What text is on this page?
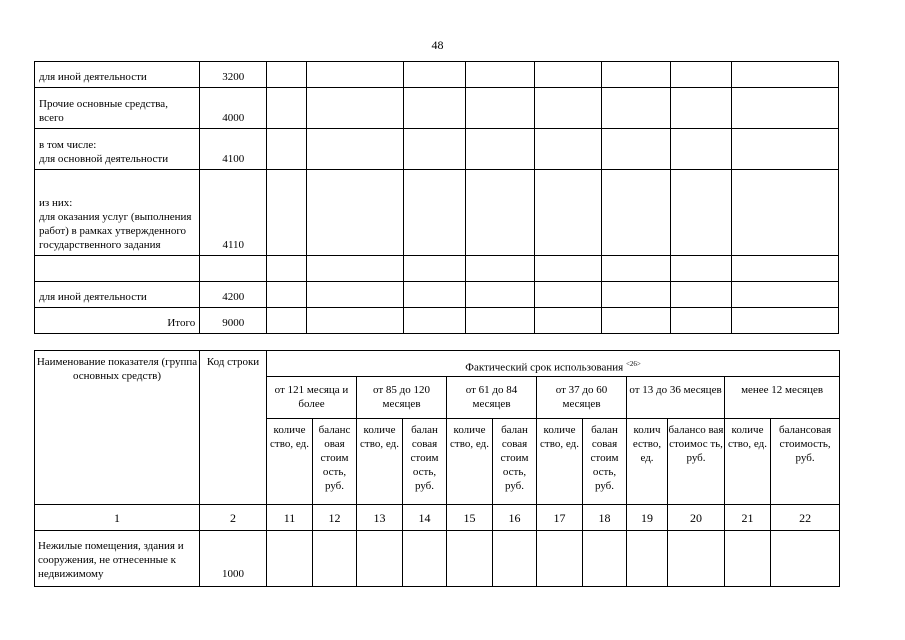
48
для иной деятельности	3200								
Прочие основные средства, всего	4000								
в том числе:
для основной деятельности	4100								
из них:
для оказания услуг (выполнения работ) в рамках утвержденного государственного задания	4110								

для иной деятельности	4200								
Итого	9000								
Наименование показателя (группа основных средств)	Код строки	Фактический срок использования $^{<26>}$
		от 121 месяца и более		от 85 до 120 месяцев		от 61 до 84 месяцев		от 37 до 60 месяцев		от 13 до 36 месяцев		менее 12 месяцев	
		количе ство, ед.	баланс овая стоим ость, руб.	количе ство, ед.	балан совая стоим ость, руб.	количе ство, ед.	балан совая стоим ость, руб.	количе ство, ед.	балан совая стоим ость, руб.	колич ество, ед.	балансо вая стоимос ть, руб.	количе ство, ед.	балансовая стоимость, руб.
1	2	11	12	13	14	15	16	17	18	19	20	21	22
Нежилые помещения, здания и сооружения, не отнесенные к недвижимому	1000												
